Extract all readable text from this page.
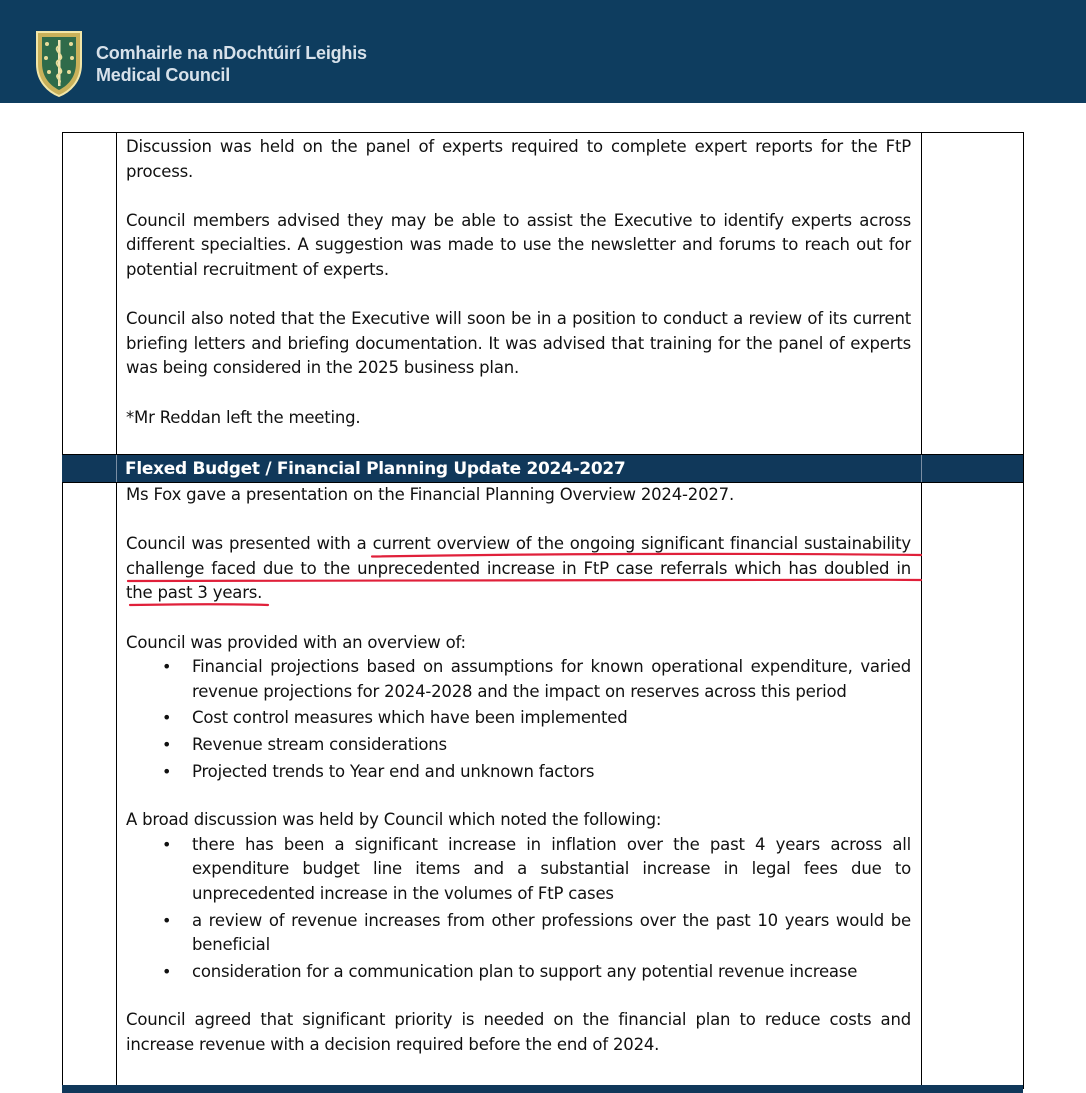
Comhairle na nDochtúirí Leighis
Medical Council

Discussion was held on the panel of experts required to complete expert reports for the FtP process.

Council members advised they may be able to assist the Executive to identify experts across different specialties. A suggestion was made to use the newsletter and forums to reach out for potential recruitment of experts.

Council also noted that the Executive will soon be in a position to conduct a review of its current briefing letters and briefing documentation. It was advised that training for the panel of experts was being considered in the 2025 business plan.

*Mr Reddan left the meeting.

Flexed Budget / Financial Planning Update 2024-2027

Ms Fox gave a presentation on the Financial Planning Overview 2024-2027.

Council was presented with a current overview of the ongoing significant financial sustainability challenge faced due to the unprecedented increase in FtP case referrals which has doubled in the past 3 years.

Council was provided with an overview of:

• Financial projections based on assumptions for known operational expenditure, varied revenue projections for 2024-2028 and the impact on reserves across this period
• Cost control measures which have been implemented
• Revenue stream considerations
• Projected trends to Year end and unknown factors

A broad discussion was held by Council which noted the following:

• there has been a significant increase in inflation over the past 4 years across all expenditure budget line items and a substantial increase in legal fees due to unprecedented increase in the volumes of FtP cases
• a review of revenue increases from other professions over the past 10 years would be beneficial
• consideration for a communication plan to support any potential revenue increase

Council agreed that significant priority is needed on the financial plan to reduce costs and increase revenue with a decision required before the end of 2024.
